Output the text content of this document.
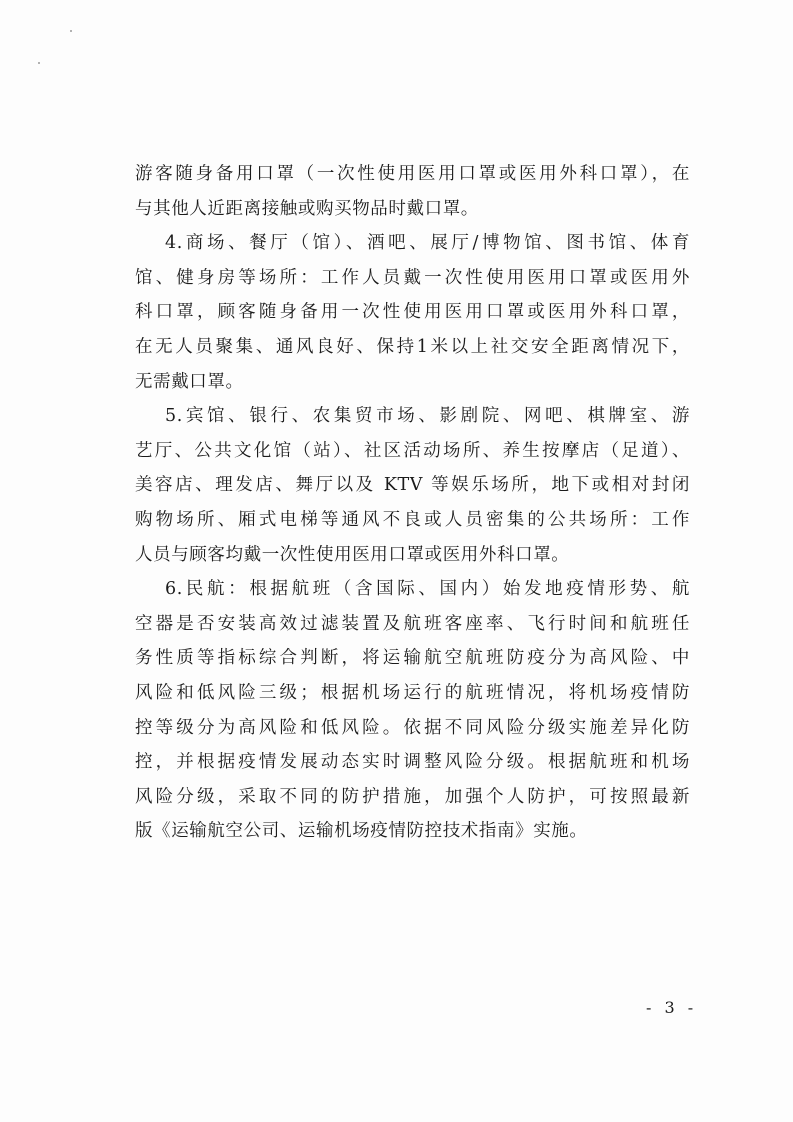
游客随身备用口罩（一次性使用医用口罩或医用外科口罩），在
与其他人近距离接触或购买物品时戴口罩。
4.商场、餐厅（馆）、酒吧、展厅/博物馆、图书馆、体育
馆、健身房等场所：工作人员戴一次性使用医用口罩或医用外
科口罩，顾客随身备用一次性使用医用口罩或医用外科口罩，
在无人员聚集、通风良好、保持1米以上社交安全距离情况下，
无需戴口罩。
5.宾馆、银行、农集贸市场、影剧院、网吧、棋牌室、游
艺厅、公共文化馆（站）、社区活动场所、养生按摩店（足道）、
美容店、理发店、舞厅以及 KTV 等娱乐场所，地下或相对封闭
购物场所、厢式电梯等通风不良或人员密集的公共场所：工作
人员与顾客均戴一次性使用医用口罩或医用外科口罩。
6.民航：根据航班（含国际、国内）始发地疫情形势、航
空器是否安装高效过滤装置及航班客座率、飞行时间和航班任
务性质等指标综合判断，将运输航空航班防疫分为高风险、中
风险和低风险三级；根据机场运行的航班情况，将机场疫情防
控等级分为高风险和低风险。依据不同风险分级实施差异化防
控，并根据疫情发展动态实时调整风险分级。根据航班和机场
风险分级，采取不同的防护措施，加强个人防护，可按照最新
版《运输航空公司、运输机场疫情防控技术指南》实施。
- 3 -
